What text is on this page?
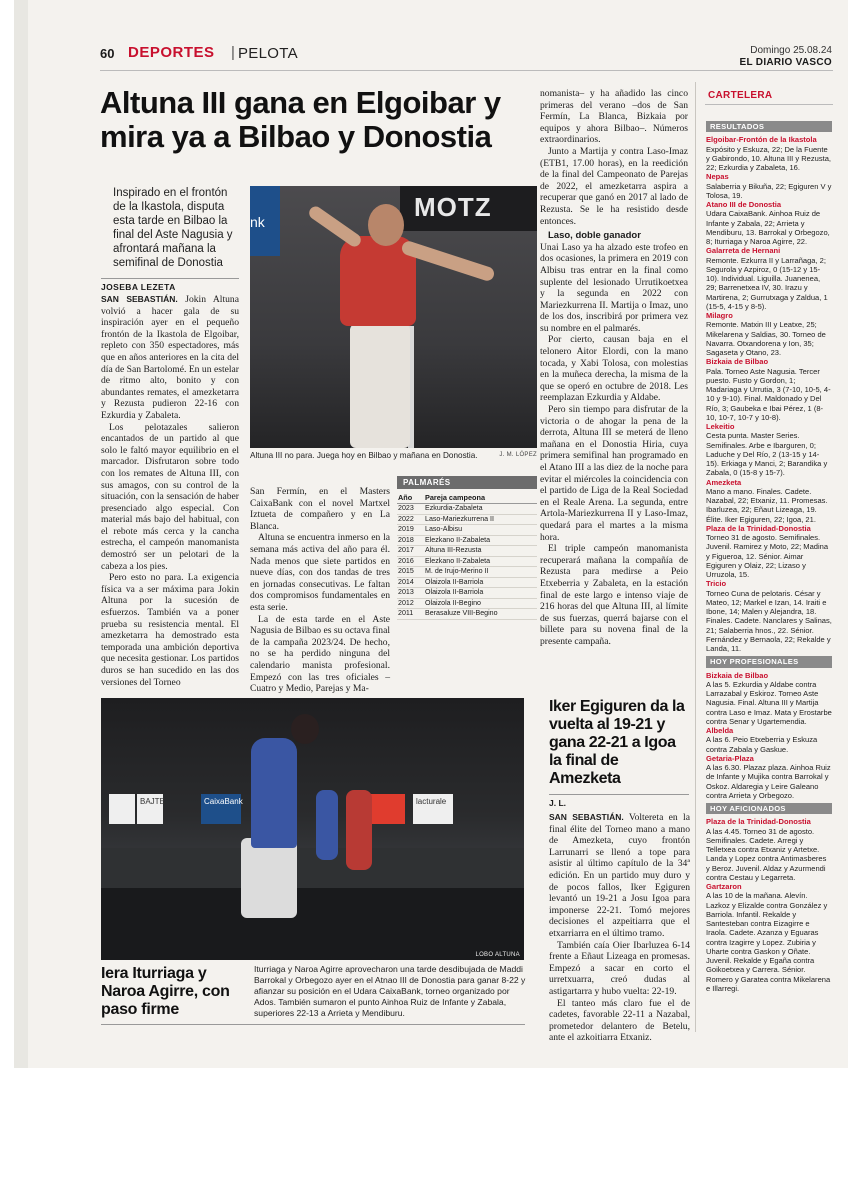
60 DEPORTES | PELOTA	Domingo 25.08.24
EL DIARIO VASCO
Altuna III gana en Elgoibar y mira ya a Bilbao y Donostia
Inspirado en el frontón de la Ikastola, disputa esta tarde en Bilbao la final del Aste Nagusia y afrontará mañana la semifinal de Donostia
JOSEBA LEZETA

SAN SEBASTIÁN. Jokin Altuna volvió a hacer gala de su inspiración ayer en el pequeño frontón de la Ikastola de Elgoibar, repleto con 350 espectadores, más que en años anteriores en la cita del día de San Bartolomé. En un estelar de ritmo alto, bonito y con abundantes remates, el amezketarra y Rezusta pudieron 22-16 con Ezkurdia y Zabaleta.

Los pelotazales salieron encantados de un partido al que solo le faltó mayor equilibrio en el marcador. Disfrutaron sobre todo con los remates de Altuna III, con sus amagos, con su control de la situación, con la sensación de haber presenciado algo especial. Con material más bajo del habitual, con el rebote más cerca y la cancha estrecha, el campeón manomanista demostró ser un pelotari de la cabeza a los pies.

Pero esto no para. La exigencia física va a ser máxima para Jokin Altuna por la sucesión de esfuerzos. También va a poner prueba su resistencia mental. El amezketarra ha demostrado esta temporada una ambición deportiva que necesita gestionar. Los partidos duros se han sucedido en las dos versiones del Torneo

San Fermín, en el Masters CaixaBank con el novel Martxel Iztueta de compañero y en La Blanca.

Altuna se encuentra inmerso en la semana más activa del año para él. Nada menos que siete partidos en nueve días, con dos tandas de tres en jornadas consecutivas. Le faltan dos compromisos fundamentales en esta serie.

La de esta tarde en el Aste Nagusia de Bilbao es su octava final de la campaña 2023/24. De hecho, no se ha perdido ninguna del calendario manista profesional. Empezó con las tres oficiales –Cuatro y Medio, Parejas y Ma-

nomanista– y ha añadido las cinco primeras del verano –dos de San Fermín, La Blanca, Bizkaia por equipos y ahora Bilbao–. Números extraordinarios.

Junto a Martija y contra Laso-Imaz (ETB1, 17.00 horas), en la reedición de la final del Campeonato de Parejas de 2022, el amezketarra aspira a recuperar que ganó en 2017 al lado de Rezusta. Se le ha resistido desde entonces.

Laso, doble ganador

Unai Laso ya ha alzado este trofeo en dos ocasiones, la primera en 2019 con Albisu tras entrar en la final como suplente del lesionado Urrutikoetxea y la segunda en 2022 con Mariezkurrena II. Martija o Imaz, uno de los dos, inscribirá por primera vez su nombre en el palmarés.

Por cierto, causan baja en el telonero Aitor Elordi, con la mano tocada, y Xabi Tolosa, con molestias en la muñeca derecha, la misma de la que se operó en octubre de 2018. Les reemplazan Ezkurdia y Aldabe.

Pero sin tiempo para disfrutar de la victoria o de ahogar la pena de la derrota, Altuna III se meterá de lleno mañana en el Donostia Hiria, cuya primera semifinal han programado en el Atano III a las diez de la noche para evitar el miércoles la coincidencia con el partido de Liga de la Real Sociedad en el Reale Arena. La segunda, entre Artola-Mariezkurrena II y Laso-Imaz, quedará para el martes a la misma hora.

El triple campeón manomanista recuperará mañana la compañía de Rezusta para medirse a Peio Etxeberria y Zabaleta, en la estación final de este largo e intenso viaje de 216 horas del que Altuna III, al límite de sus fuerzas, querrá bajarse con el billete para su novena final de la presente campaña.

MOTZ
nk
Altuna III no para. Juega hoy en Bilbao y mañana en Donostia.	J. M. LÓPEZ
PALMARÉS
Año	Pareja campeona
2023	Ezkurdia-Zabaleta
2022	Laso-Mariezkurrena II
2019	Laso-Albisu
2018	Elezkano II-Zabaleta
2017	Altuna III-Rezusta
2016	Elezkano II-Zabaleta
2015	M. de Irujo-Merino II
2014	Olaizola II-Barriola
2013	Olaizola II-Barriola
2012	Olaizola II-Begino
2011	Berasaluze VIII-Begino
CARTELERA
RESULTADOS
Elgoibar-Frontón de la Ikastola
Expósito y Eskuza, 22; De la Fuente y Gabirondo, 10. Altuna III y Rezusta, 22; Ezkurdia y Zabaleta, 16.
Nepas
Salaberria y Bikuña, 22; Egiguren V y Tolosa, 19.
Atano III de Donostia
Udara CaixaBank. Ainhoa Ruiz de Infante y Zabala, 22; Arrieta y Mendiburu, 13. Barrokal y Orbegozo, 8; Iturriaga y Naroa Agirre, 22.
Galarreta de Hernani
Remonte. Ezkurra II y Larrañaga, 2; Segurola y Azpiroz, 0 (15-12 y 15-10). Individual. Liguilla. Juanenea, 29; Barrenetxea IV, 30. Irazu y Martirena, 2; Gurrutxaga y Zaldua, 1 (15-5, 4-15 y 8-5).
Milagro
Remonte. Matxin III y Leatxe, 25; Mikelarena y Saldias, 30. Torneo de Navarra. Otxandorena y Ion, 35; Sagaseta y Otano, 23.
Bizkaia de Bilbao
Pala. Torneo Aste Nagusia. Tercer puesto. Fusto y Gordon, 1; Madariaga y Urrutia, 3 (7-10, 10-5, 4-10 y 9-10). Final. Maldonado y Del Río, 3; Gaubeka e Ibai Pérez, 1 (8-10, 10-7, 10-7 y 10-8).
Lekeitio
Cesta punta. Master Series. Semifinales. Arbe e Ibarguren, 0; Laduche y Del Río, 2 (13-15 y 14-15). Erkiaga y Manci, 2; Barandika y Zabala, 0 (15-8 y 15-7).
Amezketa
Mano a mano. Finales. Cadete. Nazabal, 22; Etxaniz, 11. Promesas. Ibarluzea, 22; Eñaut Lizeaga, 19. Élite. Iker Egiguren, 22; Igoa, 21.
Plaza de la Trinidad-Donostia
Torneo 31 de agosto. Semifinales. Juvenil. Ramirez y Moto, 22; Madina y Figueroa, 12. Sénior. Aimar Egiguren y Olaiz, 22; Lizaso y Urruzola, 15.
Tricio
Torneo Cuna de pelotaris. César y Mateo, 12; Markel e Izan, 14. Iraiti e Ibone, 14; Malen y Alejandra, 18. Finales. Cadete. Nanclares y Salinas, 21; Salaberria hnos., 22. Sénior. Fernández y Bernaola, 22; Rekalde y Landa, 11.
HOY PROFESIONALES
Bizkaia de Bilbao
A las 5. Ezkurdia y Aldabe contra Larrazabal y Eskiroz. Torneo Aste Nagusia. Final. Altuna III y Martija contra Laso e Imaz. Mata y Erostarbe contra Senar y Ugartemendia.
Albelda
A las 6. Peio Etxeberria y Eskuza contra Zabala y Gaskue.
Getaria-Plaza
A las 6.30. Plazaz plaza. Ainhoa Ruiz de Infante y Mujika contra Barrokal y Oskoz. Aldaregia y Leire Galeano contra Arrieta y Orbegozo.
HOY AFICIONADOS
Plaza de la Trinidad-Donostia
A las 4.45. Torneo 31 de agosto. Semifinales. Cadete. Arregi y Telletxea contra Etxaniz y Artetxe. Landa y Lopez contra Antimasberes y Beroz. Juvenil. Aldaz y Azurmendi contra Cestau y Legarreta.
Gartzaron
A las 10 de la mañana. Alevín. Lazkoz y Elizalde contra González y Barriola. Infantil. Rekalde y Santesteban contra Eizagirre e Iraola. Cadete. Azanza y Eguaras contra Izagirre y Lopez. Zubiria y Uharte contra Gaskon y Oñate. Juvenil. Rekalde y Egaña contra Goikoetxea y Carrera. Sénior. Romero y Garatea contra Mikelarena e Illarregi.
BAJTE	CaixaBank	lacturale
LOBO ALTUNA
Iera Iturriaga y Naroa Agirre, con paso firme
Iturriaga y Naroa Agirre aprovecharon una tarde desdibujada de Maddi Barrokal y Orbegozo ayer en el Atnao III de Donostia para ganar 8-22 y afianzar su posición en el Udara CaixaBank, torneo organizado por Ados. También sumaron el punto Ainhoa Ruiz de Infante y Zabala, superiores 22-13 a Arrieta y Mendiburu.
Iker Egiguren da la vuelta al 19-21 y gana 22-21 a Igoa la final de Amezketa
J. L.

SAN SEBASTIÁN. Voltereta en la final élite del Torneo mano a mano de Amezketa, cuyo frontón Larrunarri se llenó a tope para asistir al último capítulo de la 34ª edición. En un partido muy duro y de pocos fallos, Iker Egiguren levantó un 19-21 a Josu Igoa para imponerse 22-21. Tomó mejores decisiones el azpeitiarra que el etxarriarra en el último tramo.

También caía Oier Ibarluzea 6-14 frente a Eñaut Lizeaga en promesas. Empezó a sacar en corto el urretxuarra, creó dudas al astigartarra y hubo vuelta: 22-19.

El tanteo más claro fue el de cadetes, favorable 22-11 a Nazabal, prometedor delantero de Betelu, ante el azkoitiarra Etxaniz.
